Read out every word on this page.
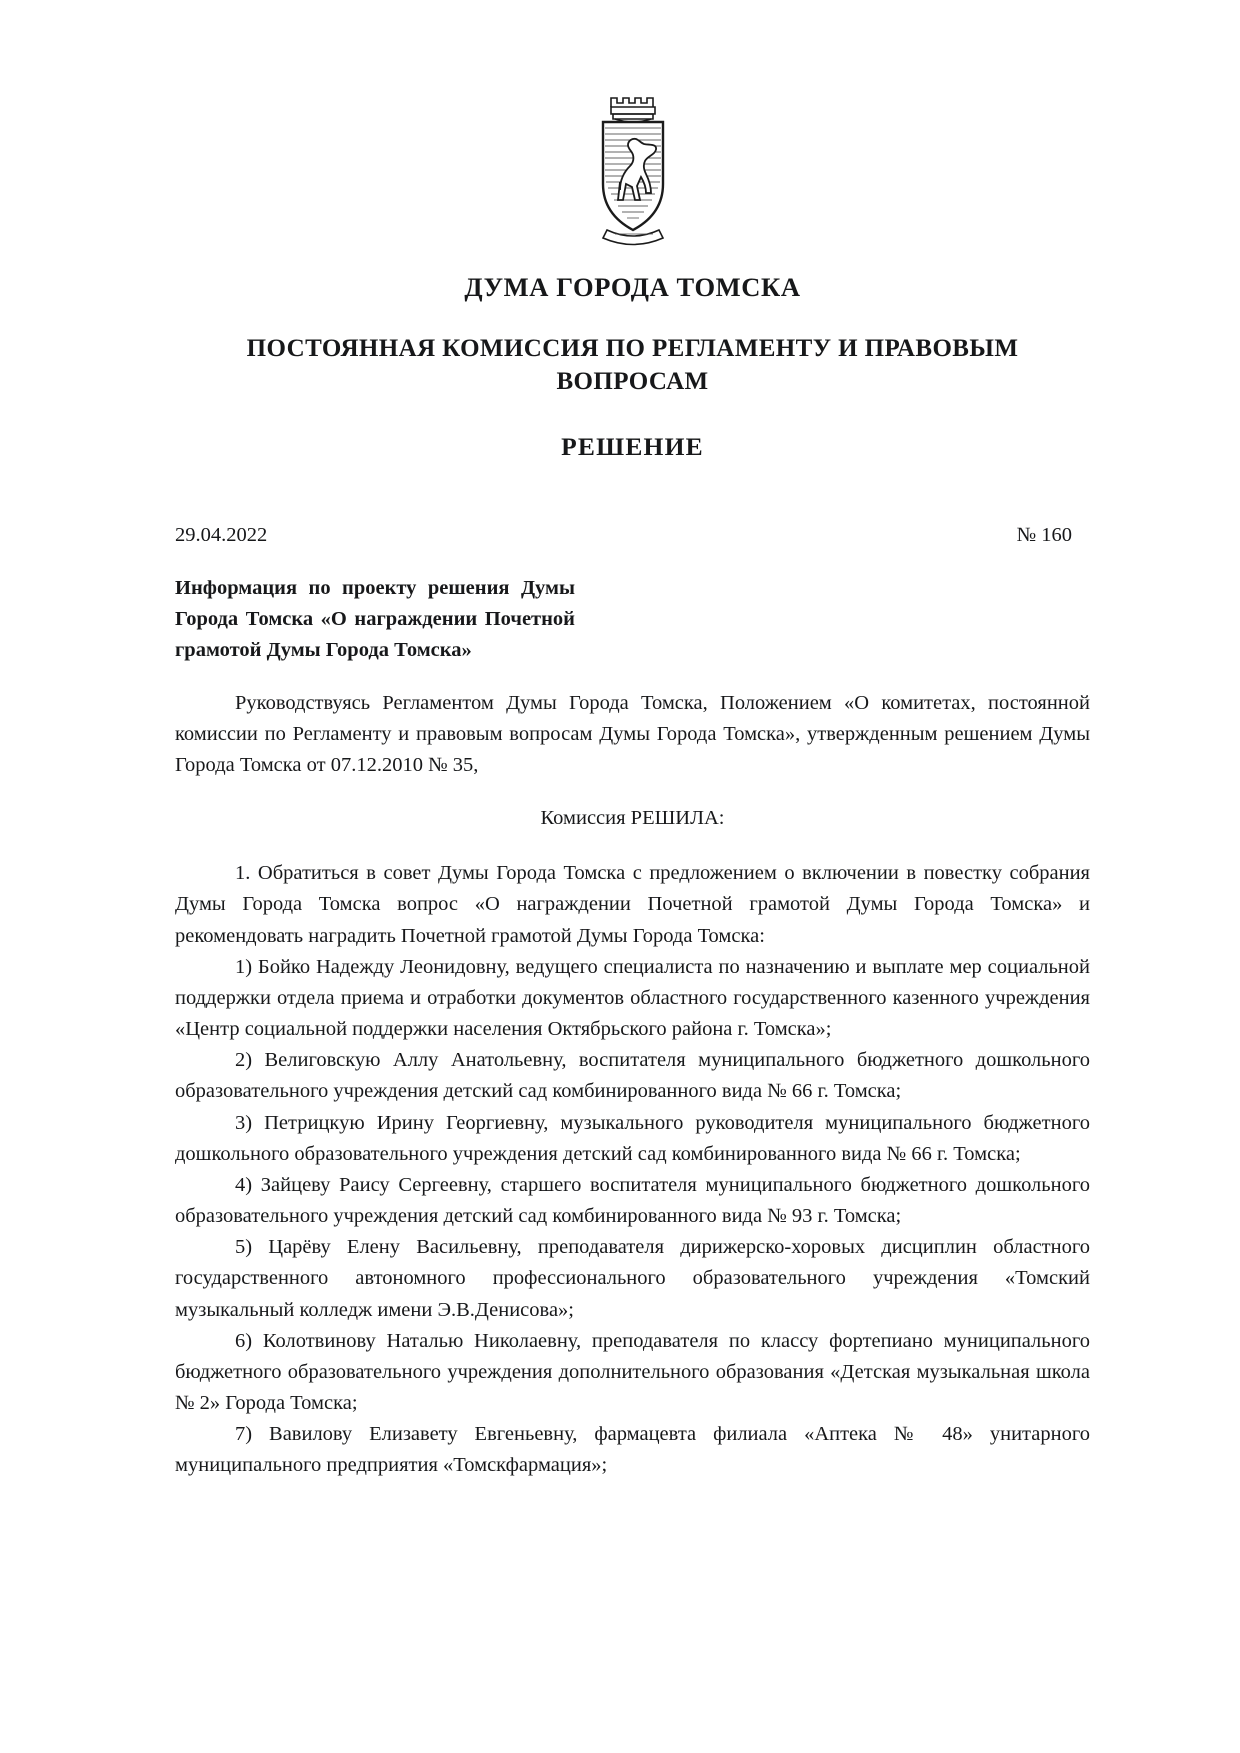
ДУМА ГОРОДА ТОМСКА
ПОСТОЯННАЯ КОМИССИЯ ПО РЕГЛАМЕНТУ И ПРАВОВЫМ ВОПРОСАМ
РЕШЕНИЕ
29.04.2022	№ 160
Информация по проекту решения Думы Города Томска «О награждении Почетной грамотой Думы Города Томска»

Руководствуясь Регламентом Думы Города Томска, Положением «О комитетах, постоянной комиссии по Регламенту и правовым вопросам Думы Города Томска», утвержденным решением Думы Города Томска от 07.12.2010 № 35,

Комиссия РЕШИЛА:

1. Обратиться в совет Думы Города Томска с предложением о включении в повестку собрания Думы Города Томска вопрос «О награждении Почетной грамотой Думы Города Томска» и рекомендовать наградить Почетной грамотой Думы Города Томска:

1) Бойко Надежду Леонидовну, ведущего специалиста по назначению и выплате мер социальной поддержки отдела приема и отработки документов областного государственного казенного учреждения «Центр социальной поддержки населения Октябрьского района г. Томска»;

2) Велиговскую Аллу Анатольевну, воспитателя муниципального бюджетного дошкольного образовательного учреждения детский сад комбинированного вида № 66 г. Томска;

3) Петрицкую Ирину Георгиевну, музыкального руководителя муниципального бюджетного дошкольного образовательного учреждения детский сад комбинированного вида № 66 г. Томска;

4) Зайцеву Раису Сергеевну, старшего воспитателя муниципального бюджетного дошкольного образовательного учреждения детский сад комбинированного вида № 93 г. Томска;

5) Царёву Елену Васильевну, преподавателя дирижерско-хоровых дисциплин областного государственного автономного профессионального образовательного учреждения «Томский музыкальный колледж имени Э.В.Денисова»;

6) Колотвинову Наталью Николаевну, преподавателя по классу фортепиано муниципального бюджетного образовательного учреждения дополнительного образования «Детская музыкальная школа № 2» Города Томска;

7) Вавилову Елизавету Евгеньевну, фармацевта филиала «Аптека № 48» унитарного муниципального предприятия «Томскфармация»;
